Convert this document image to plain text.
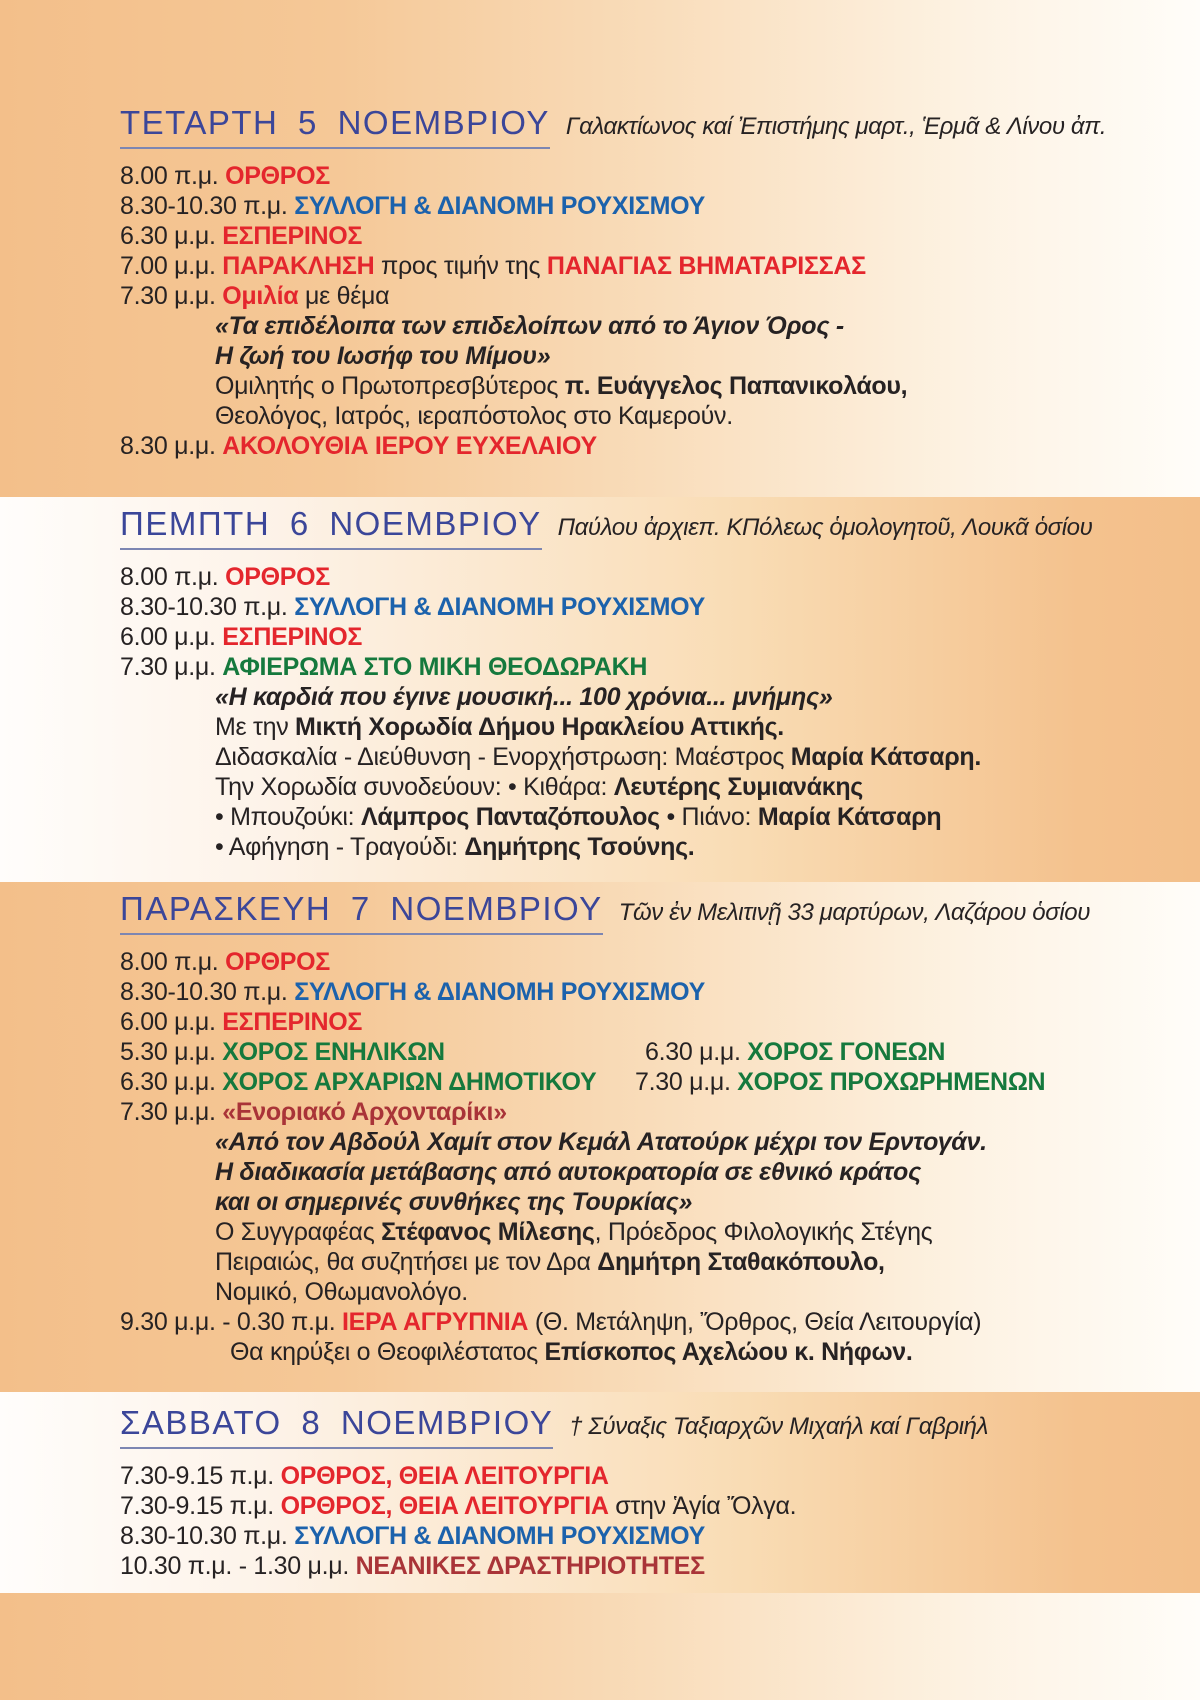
ΤΕΤΑΡΤΗ 5 ΝΟΕΜΒΡΙΟΥ Γαλακτίωνος καί Ἐπιστήμης μαρτ., Ἑρμᾶ & Λίνου ἀπ.
8.00 π.μ. ΟΡΘΡΟΣ
8.30-10.30 π.μ. ΣΥΛΛΟΓΗ & ΔΙΑΝΟΜΗ ΡΟΥΧΙΣΜΟΥ
6.30 μ.μ. ΕΣΠΕΡΙΝΟΣ
7.00 μ.μ. ΠΑΡΑΚΛΗΣΗ προς τιμήν της ΠΑΝΑΓΙΑΣ ΒΗΜΑΤΑΡΙΣΣΑΣ
7.30 μ.μ. Ομιλία με θέμα
«Τα επιδέλοιπα των επιδελοίπων από το Άγιον Όρος -
Η ζωή του Ιωσήφ του Μίμου»
Ομιλητής ο Πρωτοπρεσβύτερος π. Ευάγγελος Παπανικολάου,
Θεολόγος, Ιατρός, ιεραπόστολος στο Καμερούν.
8.30 μ.μ. ΑΚΟΛΟΥΘΙΑ ΙΕΡΟΥ ΕΥΧΕΛΑΙΟΥ
ΠΕΜΠΤΗ 6 ΝΟΕΜΒΡΙΟΥ Παύλου ἀρχιεπ. ΚΠόλεως ὁμολογητοῦ, Λουκᾶ ὁσίου
8.00 π.μ. ΟΡΘΡΟΣ
8.30-10.30 π.μ. ΣΥΛΛΟΓΗ & ΔΙΑΝΟΜΗ ΡΟΥΧΙΣΜΟΥ
6.00 μ.μ. ΕΣΠΕΡΙΝΟΣ
7.30 μ.μ. ΑΦΙΕΡΩΜΑ ΣΤΟ ΜΙΚΗ ΘΕΟΔΩΡΑΚΗ
«Η καρδιά που έγινε μουσική... 100 χρόνια... μνήμης»
Με την Μικτή Χορωδία Δήμου Ηρακλείου Αττικής.
Διδασκαλία - Διεύθυνση - Ενορχήστρωση: Μαέστρος Μαρία Κάτσαρη.
Την Χορωδία συνοδεύουν: • Κιθάρα: Λευτέρης Συμιανάκης
• Μπουζούκι: Λάμπρος Πανταζόπουλος • Πιάνο: Μαρία Κάτσαρη
• Αφήγηση - Τραγούδι: Δημήτρης Τσούνης.
ΠΑΡΑΣΚΕΥΗ 7 ΝΟΕΜΒΡΙΟΥ Τῶν ἐν Μελιτινῇ 33 μαρτύρων, Λαζάρου ὁσίου
8.00 π.μ. ΟΡΘΡΟΣ
8.30-10.30 π.μ. ΣΥΛΛΟΓΗ & ΔΙΑΝΟΜΗ ΡΟΥΧΙΣΜΟΥ
6.00 μ.μ. ΕΣΠΕΡΙΝΟΣ
5.30 μ.μ. ΧΟΡΟΣ ΕΝΗΛΙΚΩΝ	6.30 μ.μ. ΧΟΡΟΣ ΓΟΝΕΩΝ
6.30 μ.μ. ΧΟΡΟΣ ΑΡΧΑΡΙΩΝ ΔΗΜΟΤΙΚΟΥ 7.30 μ.μ. ΧΟΡΟΣ ΠΡΟΧΩΡΗΜΕΝΩΝ
7.30 μ.μ. «Ενοριακό Αρχονταρίκι»
«Από τον Αβδούλ Χαμίτ στον Κεμάλ Ατατούρκ μέχρι τον Ερντογάν.
Η διαδικασία μετάβασης από αυτοκρατορία σε εθνικό κράτος
και οι σημερινές συνθήκες της Τουρκίας»
Ο Συγγραφέας Στέφανος Μίλεσης, Πρόεδρος Φιλολογικής Στέγης
Πειραιώς, θα συζητήσει με τον Δρα Δημήτρη Σταθακόπουλο,
Νομικό, Οθωμανολόγο.
9.30 μ.μ. - 0.30 π.μ. ΙΕΡΑ ΑΓΡΥΠΝΙΑ (Θ. Μετάληψη, Ὄρθρος, Θεία Λειτουργία)
Θα κηρύξει ο Θεοφιλέστατος Επίσκοπος Αχελώου κ. Νήφων.
ΣΑΒΒΑΤΟ 8 ΝΟΕΜΒΡΙΟΥ † Σύναξις Ταξιαρχῶν Μιχαήλ καί Γαβριήλ
7.30-9.15 π.μ. ΟΡΘΡΟΣ, ΘΕΙΑ ΛΕΙΤΟΥΡΓΙΑ
7.30-9.15 π.μ. ΟΡΘΡΟΣ, ΘΕΙΑ ΛΕΙΤΟΥΡΓΙΑ στην Ἁγία Ὄλγα.
8.30-10.30 π.μ. ΣΥΛΛΟΓΗ & ΔΙΑΝΟΜΗ ΡΟΥΧΙΣΜΟΥ
10.30 π.μ. - 1.30 μ.μ. ΝΕΑΝΙΚΕΣ ΔΡΑΣΤΗΡΙΟΤΗΤΕΣ
